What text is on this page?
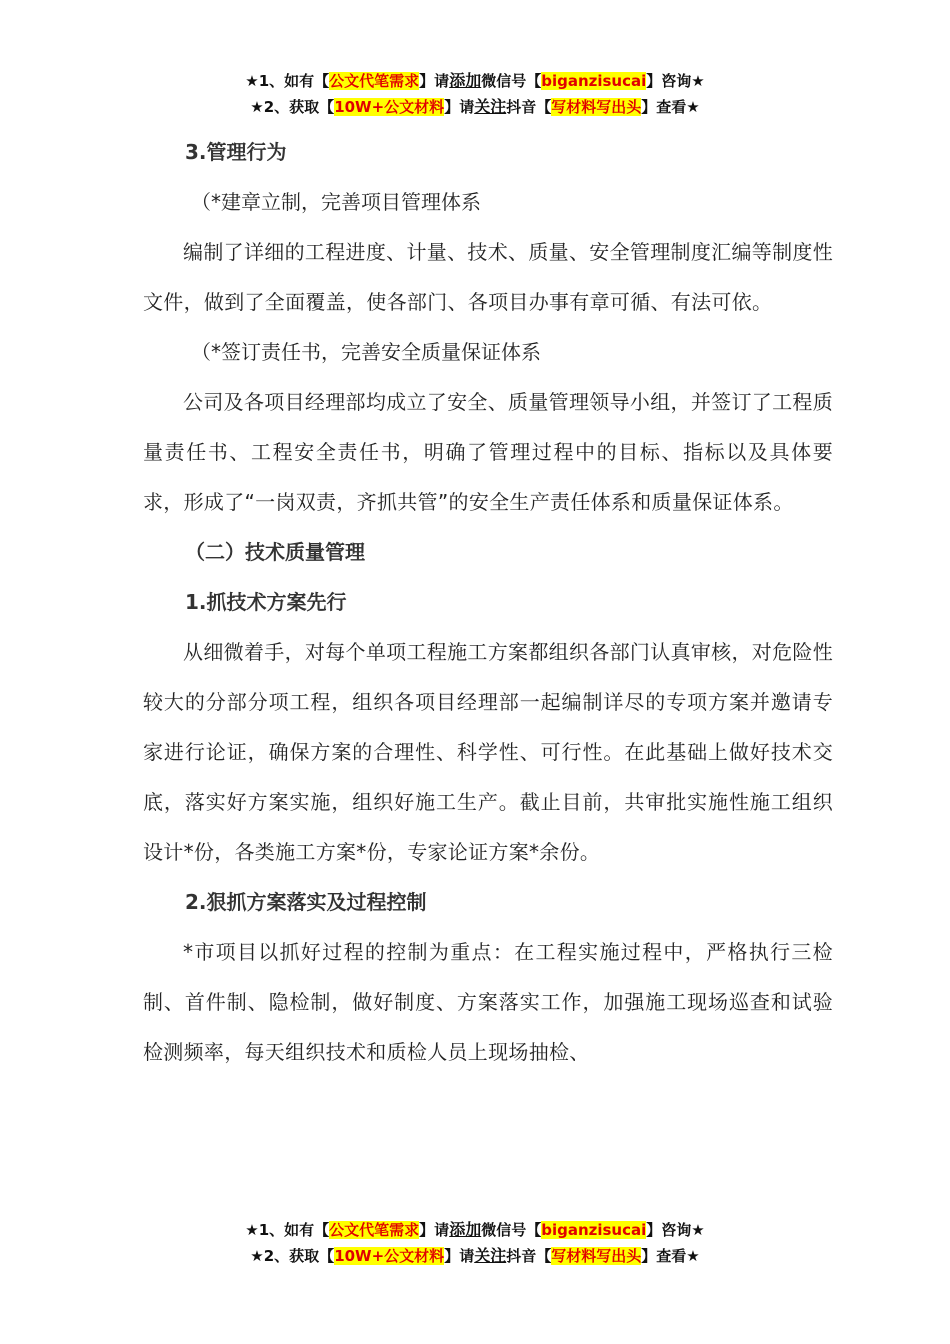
★1、如有【公文代笔需求】请添加微信号【biganzisucai】咨询★
★2、获取【10W+公文材料】请关注抖音【写材料写出头】查看★

3.管理行为

（*建章立制，完善项目管理体系

编制了详细的工程进度、计量、技术、质量、安全管理制度汇编等制度性文件，做到了全面覆盖，使各部门、各项目办事有章可循、有法可依。

（*签订责任书，完善安全质量保证体系

公司及各项目经理部均成立了安全、质量管理领导小组，并签订了工程质量责任书、工程安全责任书，明确了管理过程中的目标、指标以及具体要求，形成了“一岗双责，齐抓共管”的安全生产责任体系和质量保证体系。

（二）技术质量管理

1.抓技术方案先行

从细微着手，对每个单项工程施工方案都组织各部门认真审核，对危险性较大的分部分项工程，组织各项目经理部一起编制详尽的专项方案并邀请专家进行论证，确保方案的合理性、科学性、可行性。在此基础上做好技术交底，落实好方案实施，组织好施工生产。截止目前，共审批实施性施工组织设计*份，各类施工方案*份，专家论证方案*余份。

2.狠抓方案落实及过程控制

*市项目以抓好过程的控制为重点：在工程实施过程中，严格执行三检制、首件制、隐检制，做好制度、方案落实工作，加强施工现场巡查和试验检测频率，每天组织技术和质检人员上现场抽检、

★1、如有【公文代笔需求】请添加微信号【biganzisucai】咨询★
★2、获取【10W+公文材料】请关注抖音【写材料写出头】查看★
